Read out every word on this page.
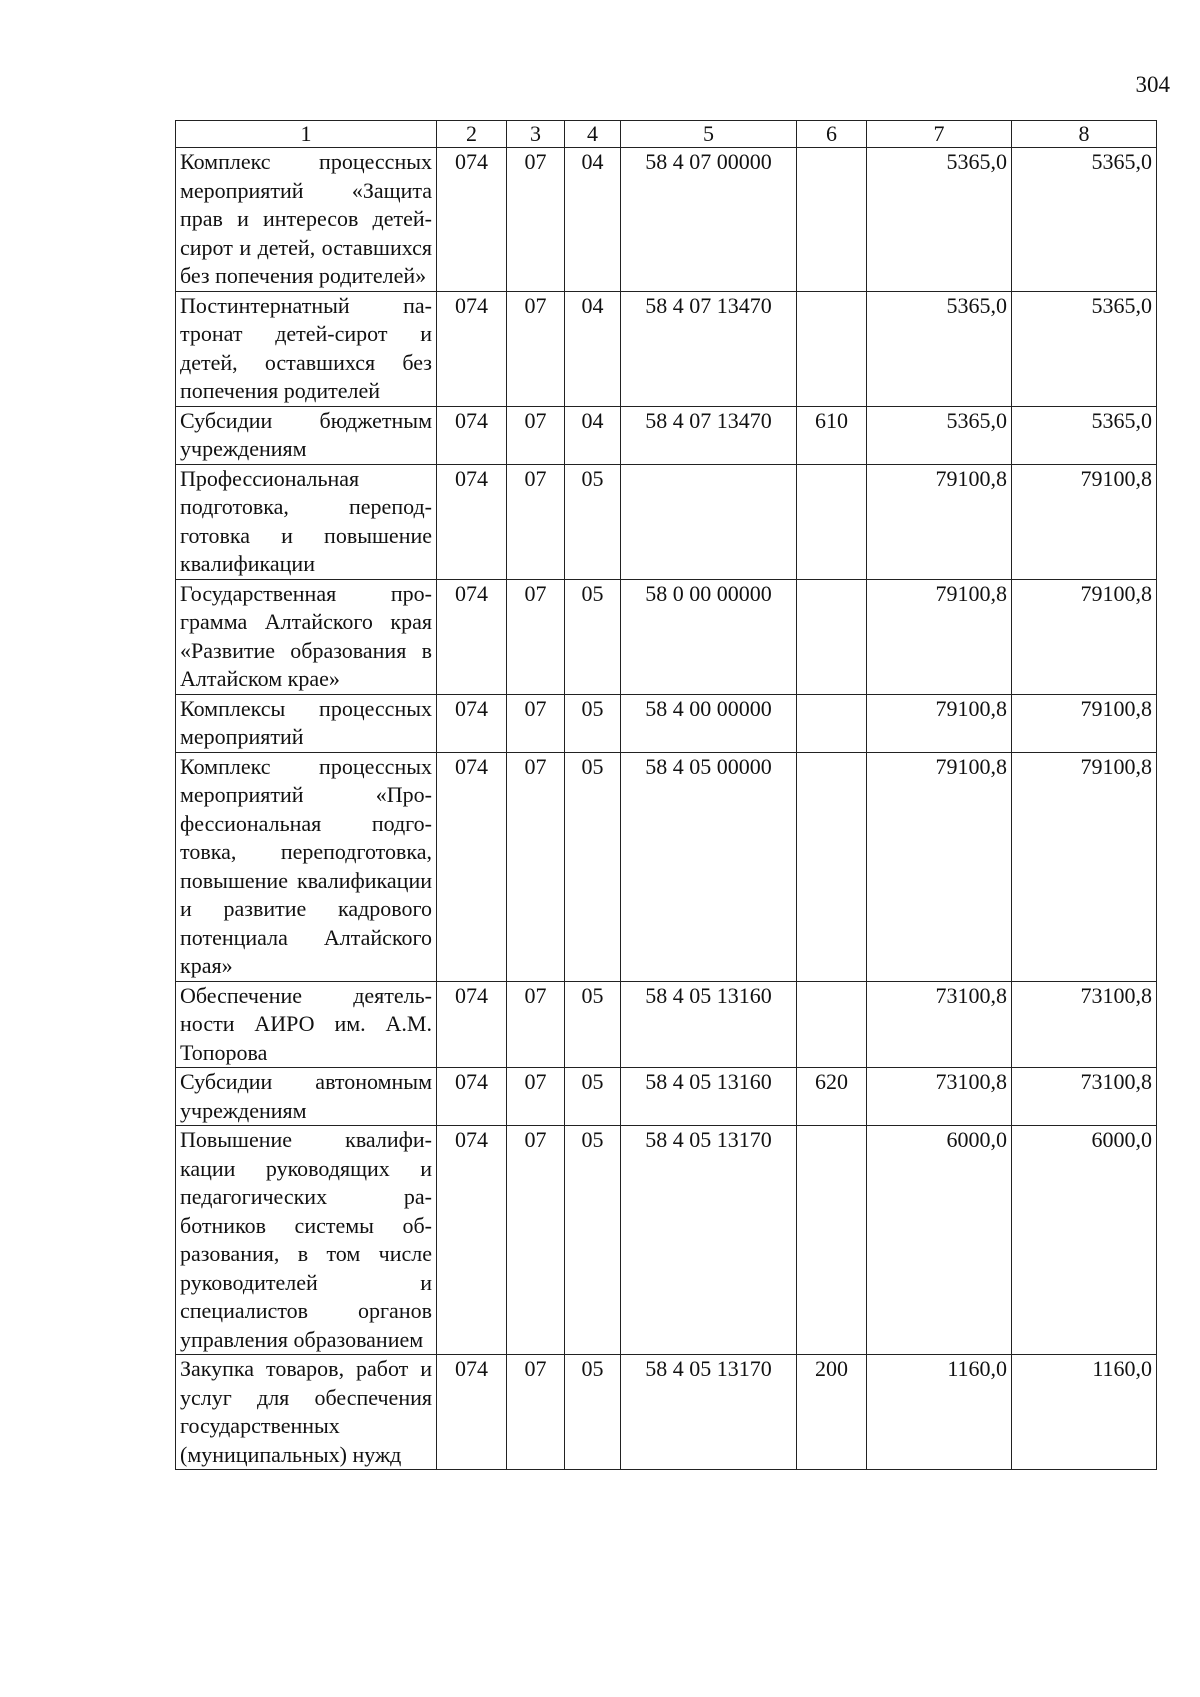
304
1	2	3	4	5	6	7	8
Комплекс процессных мероприятий «Защита прав и интересов детей-сирот и детей, оставшихся без попечения родителей»	074	07	04	58 4 07 00000		5365,0	5365,0
Постинтернатный патронат детей-сирот и детей, оставшихся без попечения родителей	074	07	04	58 4 07 13470		5365,0	5365,0
Субсидии бюджетным учреждениям	074	07	04	58 4 07 13470	610	5365,0	5365,0
Профессиональная подготовка, переподготовка и повышение квалификации	074	07	05			79100,8	79100,8
Государственная программа Алтайского края «Развитие образования в Алтайском крае»	074	07	05	58 0 00 00000		79100,8	79100,8
Комплексы процессных мероприятий	074	07	05	58 4 00 00000		79100,8	79100,8
Комплекс процессных мероприятий «Профессиональная подготовка, переподготовка, повышение квалификации и развитие кадрового потенциала Алтайского края»	074	07	05	58 4 05 00000		79100,8	79100,8
Обеспечение деятельности АИРО им. А.М. Топорова	074	07	05	58 4 05 13160		73100,8	73100,8
Субсидии автономным учреждениям	074	07	05	58 4 05 13160	620	73100,8	73100,8
Повышение квалификации руководящих и педагогических работников системы образования, в том числе руководителей и специалистов органов управления образованием	074	07	05	58 4 05 13170		6000,0	6000,0
Закупка товаров, работ и услуг для обеспечения государственных (муниципальных) нужд	074	07	05	58 4 05 13170	200	1160,0	1160,0
